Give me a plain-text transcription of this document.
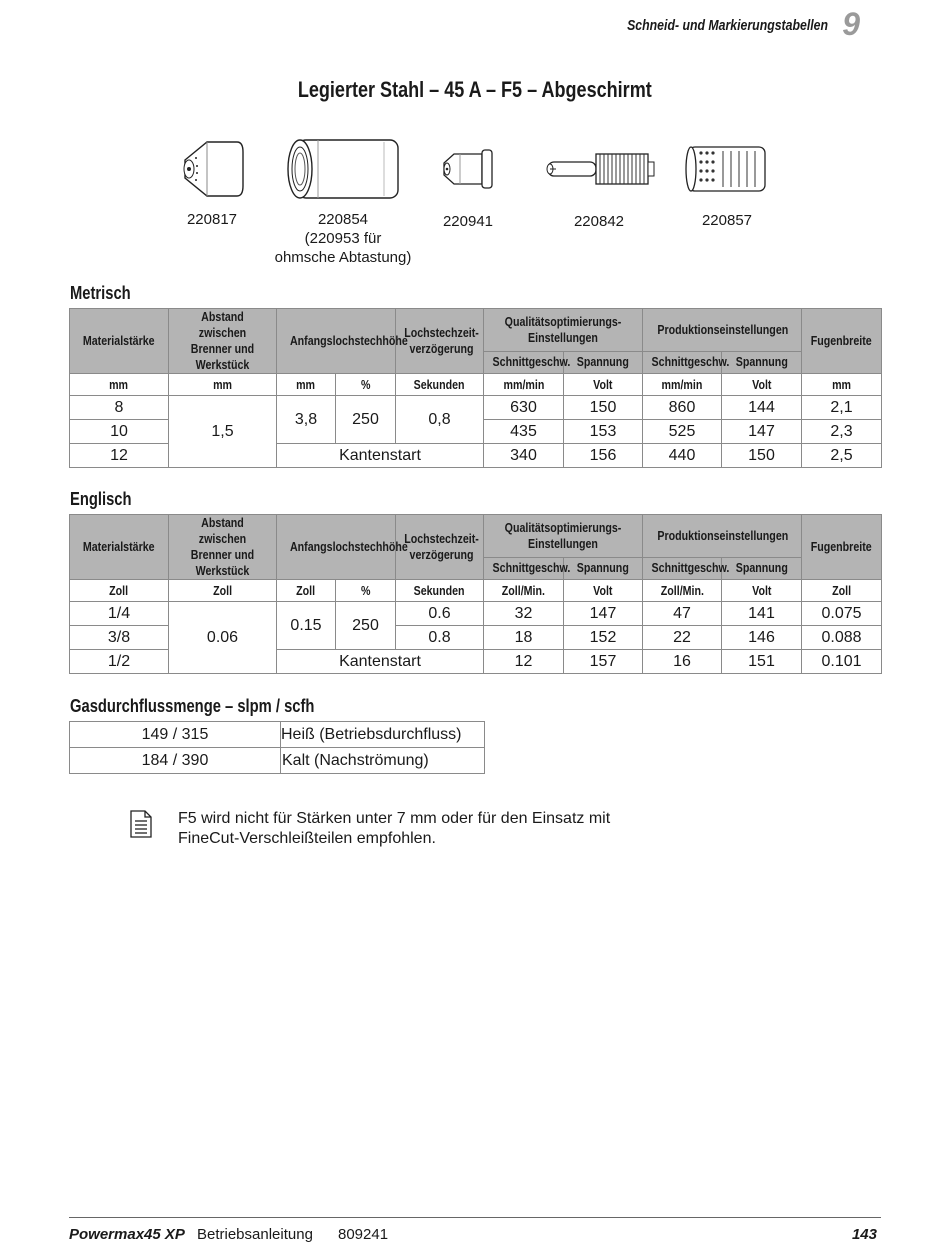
Schneid- und Markierungstabellen 9
Legierter Stahl – 45 A – F5 – Abgeschirmt
220817	220854
(220953 für
ohmsche Abtastung)
220941	220842	220857
Metrisch
Materialstärke	Abstand zwischen Brenner und Werkstück	Anfangslochstechhöhe		Lochstechzeit-verzögerung	Qualitätsoptimierungs-Einstellungen		Produktionseinstellungen		Fugenbreite
					Schnittgeschw.	Spannung	Schnittgeschw.	Spannung	
mm	mm	mm	%	Sekunden	mm/min	Volt	mm/min	Volt	mm
8	1,5	3,8	250	0,8	630	150	860	144	2,1
10					435	153	525	147	2,3
12		Kantenstart			340	156	440	150	2,5
Englisch
Materialstärke	Abstand zwischen Brenner und Werkstück	Anfangslochstechhöhe		Lochstechzeit-verzögerung	Qualitätsoptimierungs-Einstellungen		Produktionseinstellungen		Fugenbreite
					Schnittgeschw.	Spannung	Schnittgeschw.	Spannung	
Zoll	Zoll	Zoll	%	Sekunden	Zoll/Min.	Volt	Zoll/Min.	Volt	Zoll
1/4	0.06	0.15	250	0.6	32	147	47	141	0.075
3/8				0.8	18	152	22	146	0.088
1/2		Kantenstart			12	157	16	151	0.101
Gasdurchflussmenge – slpm / scfh
149 / 315	Heiß (Betriebsdurchfluss)
184 / 390	Kalt (Nachströmung)
F5 wird nicht für Stärken unter 7 mm oder für den Einsatz mit
FineCut-Verschleißteilen empfohlen.
Powermax45 XP Betriebsanleitung 809241	143
